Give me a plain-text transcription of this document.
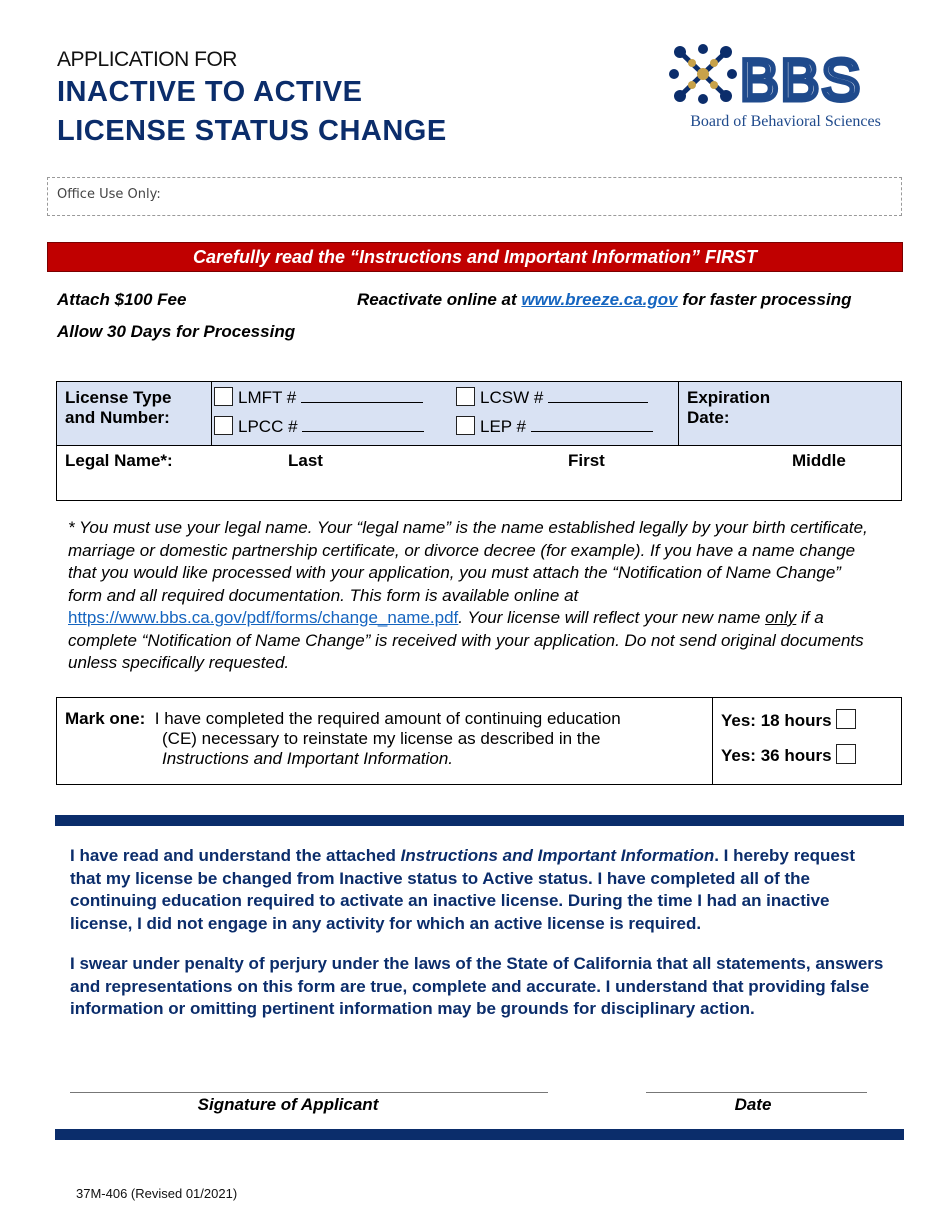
APPLICATION FOR
INACTIVE TO ACTIVE
LICENSE STATUS CHANGE
BBS
Board of Behavioral Sciences
Office Use Only:
Carefully read the “Instructions and Important Information” FIRST
Attach $100 Fee
Allow 30 Days for Processing
Reactivate online at www.breeze.ca.gov for faster processing
License Type
and Number:

LMFT #
LPCC #

LCSW #
LEP #

Expiration
Date:

Legal Name*:	Last	First	Middle
* You must use your legal name. Your “legal name” is the name established legally by your birth certificate, marriage or domestic partnership certificate, or divorce decree (for example). If you have a name change that you would like processed with your application, you must attach the “Notification of Name Change” form and all required documentation. This form is available online at https://www.bbs.ca.gov/pdf/forms/change_name.pdf. Your license will reflect your new name only if a complete “Notification of Name Change” is received with your application. Do not send original documents unless specifically requested.
Mark one: I have completed the required amount of continuing education
(CE) necessary to reinstate my license as described in the
Instructions and Important Information.
Yes: 18 hours
Yes: 36 hours
I have read and understand the attached Instructions and Important Information. I hereby request that my license be changed from Inactive status to Active status. I have completed all of the continuing education required to activate an inactive license. During the time I had an inactive license, I did not engage in any activity for which an active license is required.
I swear under penalty of perjury under the laws of the State of California that all statements, answers and representations on this form are true, complete and accurate. I understand that providing false information or omitting pertinent information may be grounds for disciplinary action.
Signature of Applicant	Date
37M-406 (Revised 01/2021)
